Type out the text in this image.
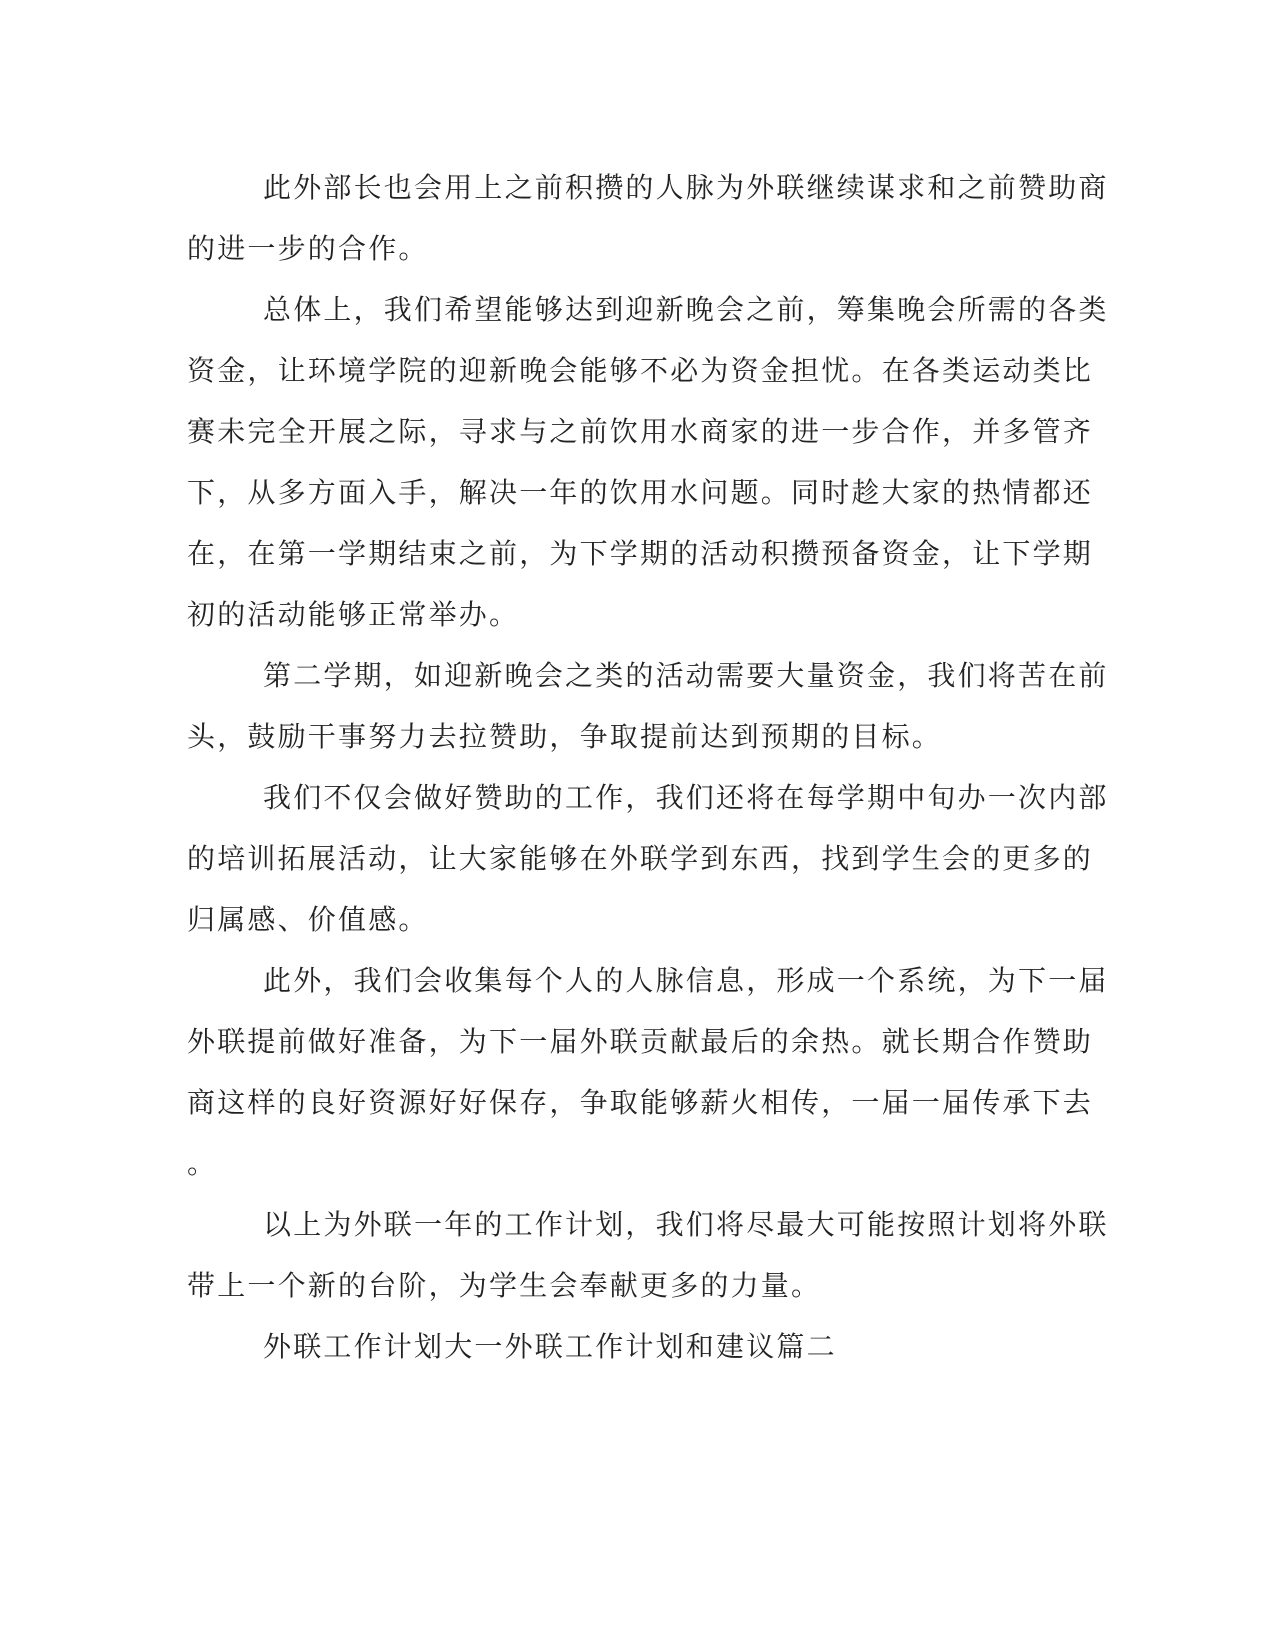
此外部长也会用上之前积攒的人脉为外联继续谋求和之前赞助商
的进一步的合作。

总体上，我们希望能够达到迎新晚会之前，筹集晚会所需的各类
资金，让环境学院的迎新晚会能够不必为资金担忧。在各类运动类比
赛未完全开展之际，寻求与之前饮用水商家的进一步合作，并多管齐
下，从多方面入手，解决一年的饮用水问题。同时趁大家的热情都还
在，在第一学期结束之前，为下学期的活动积攒预备资金，让下学期
初的活动能够正常举办。

第二学期，如迎新晚会之类的活动需要大量资金，我们将苦在前
头，鼓励干事努力去拉赞助，争取提前达到预期的目标。

我们不仅会做好赞助的工作，我们还将在每学期中旬办一次内部
的培训拓展活动，让大家能够在外联学到东西，找到学生会的更多的
归属感、价值感。

此外，我们会收集每个人的人脉信息，形成一个系统，为下一届
外联提前做好准备，为下一届外联贡献最后的余热。就长期合作赞助
商这样的良好资源好好保存，争取能够薪火相传，一届一届传承下去
。

以上为外联一年的工作计划，我们将尽最大可能按照计划将外联
带上一个新的台阶，为学生会奉献更多的力量。

外联工作计划大一外联工作计划和建议篇二
